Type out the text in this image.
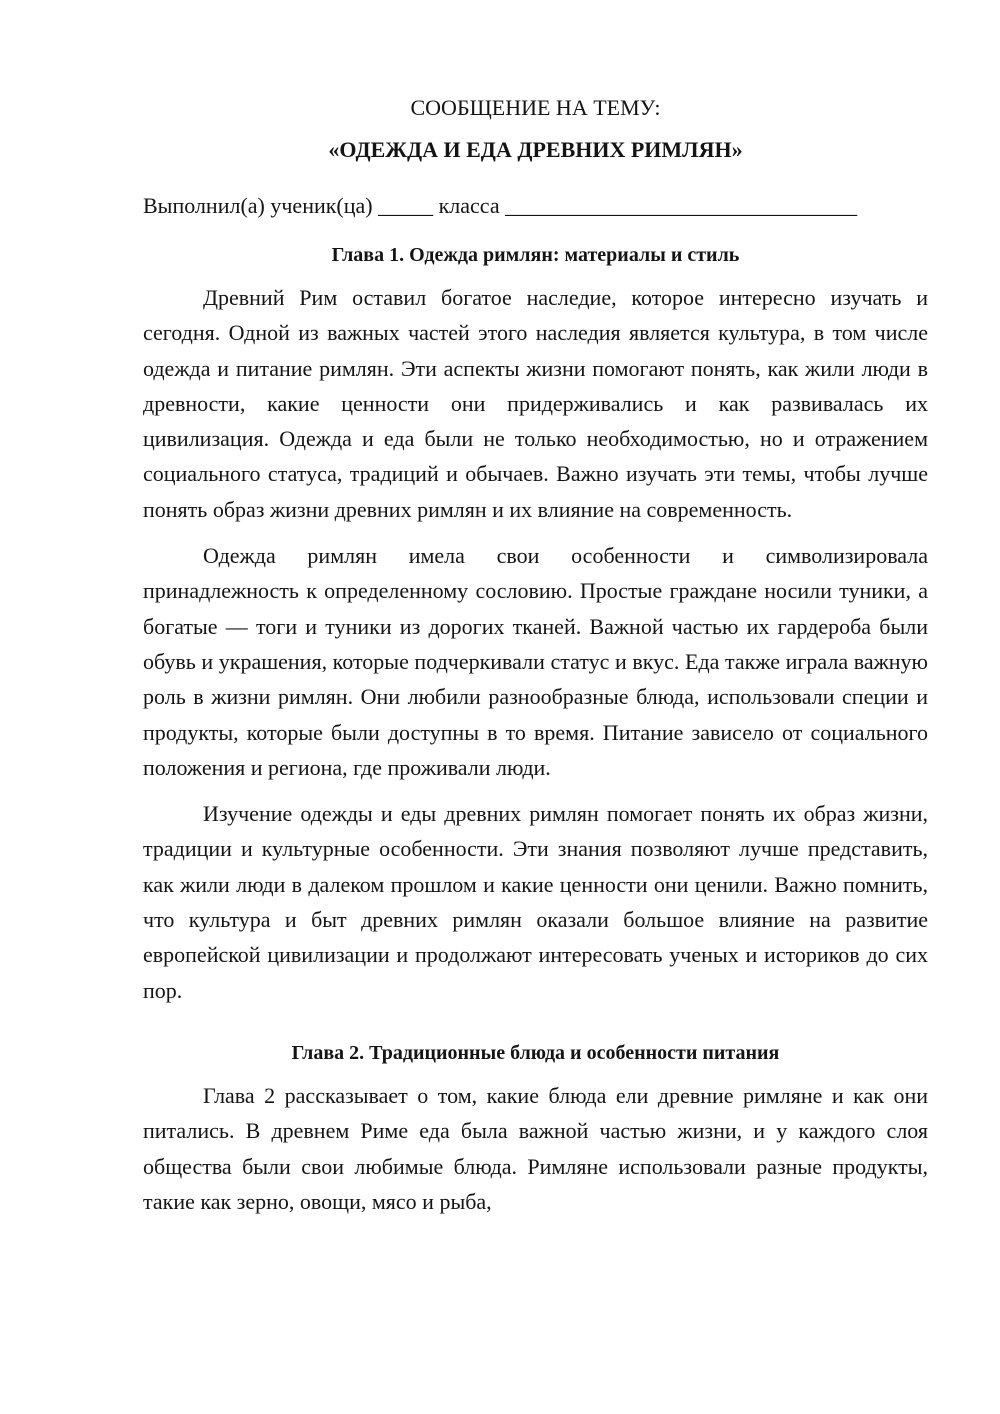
СООБЩЕНИЕ НА ТЕМУ:

«ОДЕЖДА И ЕДА ДРЕВНИХ РИМЛЯН»

Выполнил(а) ученик(ца) _____ класса ________________________________

Глава 1. Одежда римлян: материалы и стиль

Древний Рим оставил богатое наследие, которое интересно изучать и сегодня. Одной из важных частей этого наследия является культура, в том числе одежда и питание римлян. Эти аспекты жизни помогают понять, как жили люди в древности, какие ценности они придерживались и как развивалась их цивилизация. Одежда и еда были не только необходимостью, но и отражением социального статуса, традиций и обычаев. Важно изучать эти темы, чтобы лучше понять образ жизни древних римлян и их влияние на современность.

Одежда римлян имела свои особенности и символизировала принадлежность к определенному сословию. Простые граждане носили туники, а богатые — тоги и туники из дорогих тканей. Важной частью их гардероба были обувь и украшения, которые подчеркивали статус и вкус. Еда также играла важную роль в жизни римлян. Они любили разнообразные блюда, использовали специи и продукты, которые были доступны в то время. Питание зависело от социального положения и региона, где проживали люди.

Изучение одежды и еды древних римлян помогает понять их образ жизни, традиции и культурные особенности. Эти знания позволяют лучше представить, как жили люди в далеком прошлом и какие ценности они ценили. Важно помнить, что культура и быт древних римлян оказали большое влияние на развитие европейской цивилизации и продолжают интересовать ученых и историков до сих пор.

Глава 2. Традиционные блюда и особенности питания

Глава 2 рассказывает о том, какие блюда ели древние римляне и как они питались. В древнем Риме еда была важной частью жизни, и у каждого слоя общества были свои любимые блюда. Римляне использовали разные продукты, такие как зерно, овощи, мясо и рыба,
